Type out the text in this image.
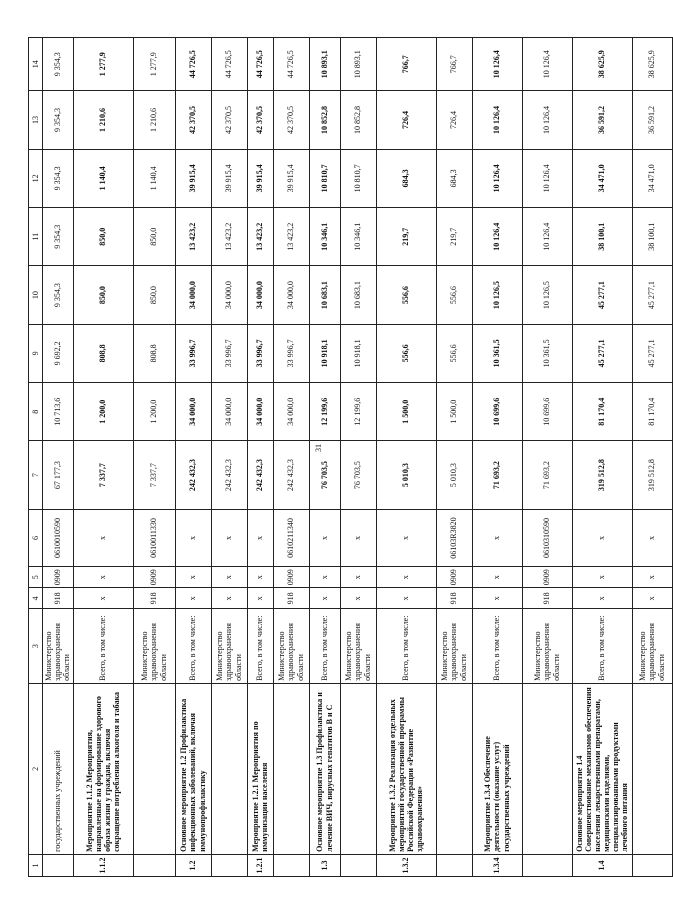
31
1	2	3	4	5	6	7	8	9	10	11	12	13	14
	государственных учреждений	Министерство здравоохранения области	918	0909	0610010590	67 177,3	10 713,6	9 692,2	9 354,3	9 354,3	9 354,3	9 354,3	9 354,3
1.1.2	Мероприятие 1.1.2 Мероприятия, направленные на формирование здорового образа жизни у граждан, включая сокращение потребления алкоголя и табака	Всего, в том числе:	x	x	x	7 337,7	1 200,0	808,8	850,0	850,0	1 140,4	1 210,6	1 277,9
		Министерство здравоохранения области	918	0909	0610011330	7 337,7	1 200,0	808,8	850,0	850,0	1 140,4	1 210,6	1 277,9
1.2	Основное мероприятие 1.2 Профилактика инфекционных заболеваний, включая иммунопрофилактику	Всего, в том числе:	x	x	x	242 432,3	34 000,0	33 996,7	34 000,0	13 423,2	39 915,4	42 370,5	44 726,5
		Министерство здравоохранения области	x	x	x	242 432,3	34 000,0	33 996,7	34 000,0	13 423,2	39 915,4	42 370,5	44 726,5
1.2.1	Мероприятие 1.2.1 Мероприятия по иммунизации населения	Всего, в том числе:	x	x	x	242 432,3	34 000,0	33 996,7	34 000,0	13 423,2	39 915,4	42 370,5	44 726,5
		Министерство здравоохранения области	918	0909	0610211340	242 432,3	34 000,0	33 996,7	34 000,0	13 423,2	39 915,4	42 370,5	44 726,5
1.3	Основное мероприятие 1.3 Профилактика и лечение ВИЧ, вирусных гепатитов В и С	Всего, в том числе:	x	x	x	76 703,5	12 199,6	10 918,1	10 683,1	10 346,1	10 810,7	10 852,8	10 893,1
		Министерство здравоохранения области	x	x	x	76 703,5	12 199,6	10 918,1	10 683,1	10 346,1	10 810,7	10 852,8	10 893,1
1.3.2	Мероприятие 1.3.2 Реализация отдельных мероприятий государственной программы Российской Федерации «Развитие здравоохранения»	Всего, в том числе:	x	x	x	5 010,3	1 500,0	556,6	556,6	219,7	684,3	726,4	766,7
		Министерство здравоохранения области	918	0909	06103R3820	5 010,3	1 500,0	556,6	556,6	219,7	684,3	726,4	766,7
1.3.4	Мероприятие 1.3.4 Обеспечение деятельности (оказание услуг) государственных учреждений	Всего, в том числе:	x	x	x	71 693,2	10 699,6	10 361,5	10 126,5	10 126,4	10 126,4	10 126,4	10 126,4
		Министерство здравоохранения области	918	0909	0610310590	71 693,2	10 699,6	10 361,5	10 126,5	10 126,4	10 126,4	10 126,4	10 126,4
1.4	Основное мероприятие 1.4 Совершенствование механизмов обеспечения населения лекарственными препаратами, медицинскими изделиями, специализированными продуктами лечебного питания	Всего, в том числе:	x	x	x	319 512,8	81 170,4	45 277,1	45 277,1	38 100,1	34 471,0	36 591,2	38 625,9
		Министерство здравоохранения области	x	x	x	319 512,8	81 170,4	45 277,1	45 277,1	38 100,1	34 471,0	36 591,2	38 625,9
